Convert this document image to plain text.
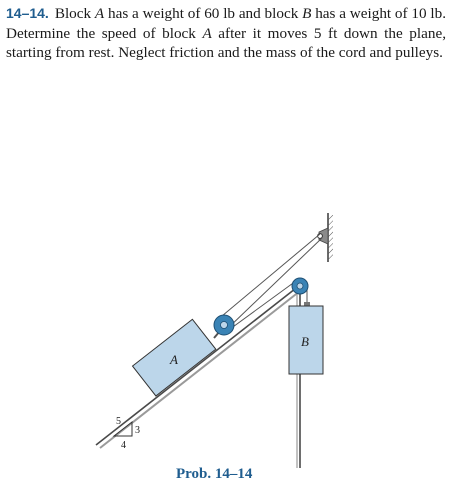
14–14. Block A has a weight of 60 lb and block B has a weight of 10 lb. Determine the speed of block A after it moves 5 ft down the plane, starting from rest. Neglect friction and the mass of the cord and pulleys.

5
3
4
A
B
Prob. 14–14
